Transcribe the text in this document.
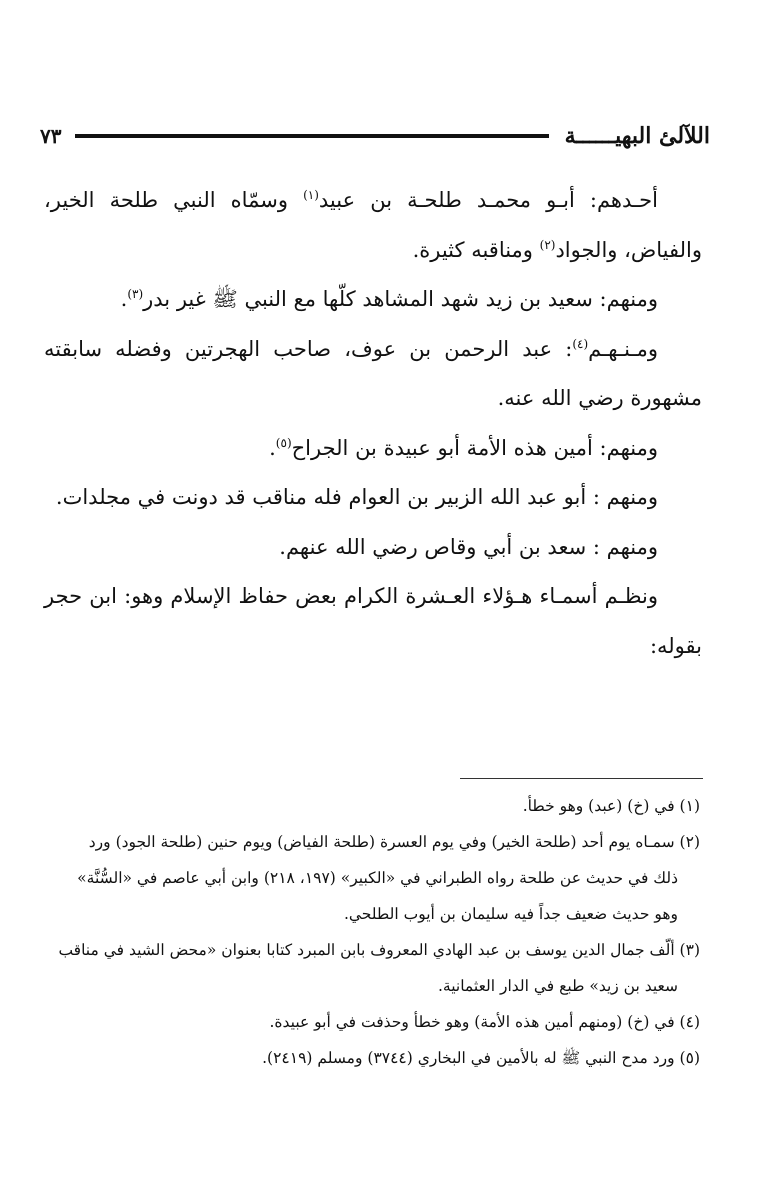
اللآلئ البهيــــــة
٧٣

أحـدهم: أبـو محمـد طلحـة بن عبيد$^{(١)}$ وسمّاه النبي طلحة الخير، والفياض، والجواد$^{(٢)}$ ومناقبه كثيرة.

ومنهم: سعيد بن زيد شهد المشاهد كلّها مع النبي ﷺ غير بدر$^{(٣)}$.

ومـنـهـم$^{(٤)}$: عبد الرحمن بن عوف، صاحب الهجرتين وفضله سابقته مشهورة رضي الله عنه.

ومنهم: أمين هذه الأمة أبو عبيدة بن الجراح$^{(٥)}$.

ومنهم : أبو عبد الله الزبير بن العوام فله مناقب قد دونت في مجلدات.

ومنهم : سعد بن أبي وقاص رضي الله عنهم.

ونظـم أسمـاء هـؤلاء العـشرة الكرام بعض حفاظ الإسلام وهو: ابن حجر بقوله:

(١) في (خ) (عبد) وهو خطأ.

(٢) سمـاه يوم أحد (طلحة الخير) وفي يوم العسرة (طلحة الفياض) ويوم حنين (طلحة الجود) ورد

ذلك في حديث عن طلحة رواه الطبراني في «الكبير» (١٩٧، ٢١٨) وابن أبي عاصم في «السُّنَّة»

وهو حديث ضعيف جداً فيه سليمان بن أيوب الطلحي.

(٣) ألّف جمال الدين يوسف بن عبد الهادي المعروف بابن المبرد كتابا بعنوان «محض الشيد في مناقب

سعيد بن زيد» طبع في الدار العثمانية.

(٤) في (خ) (ومنهم أمين هذه الأمة) وهو خطأ وحذفت في أبو عبيدة.

(٥) ورد مدح النبي ﷺ له بالأمين في البخاري (٣٧٤٤) ومسلم (٢٤١٩).
